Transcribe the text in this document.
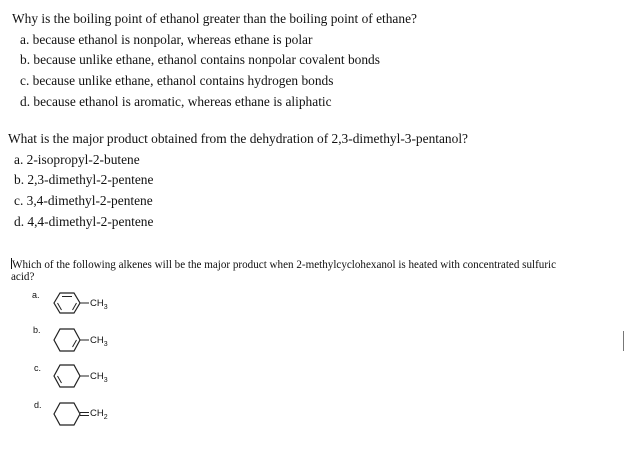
Why is the boiling point of ethanol greater than the boiling point of ethane?
a. because ethanol is nonpolar, whereas ethane is polar
b. because unlike ethane, ethanol contains nonpolar covalent bonds
c. because unlike ethane, ethanol contains hydrogen bonds
d. because ethanol is aromatic, whereas ethane is aliphatic
What is the major product obtained from the dehydration of 2,3-dimethyl-3-pentanol?
a. 2-isopropyl-2-butene
b. 2,3-dimethyl-2-pentene
c. 3,4-dimethyl-2-pentene
d. 4,4-dimethyl-2-pentene
Which of the following alkenes will be the major product when 2-methylcyclohexanol is heated with concentrated sulfuric
acid?
a.
$CH_3$
b.
$CH_3$
c.
$CH_3$
d.
$CH_2$
